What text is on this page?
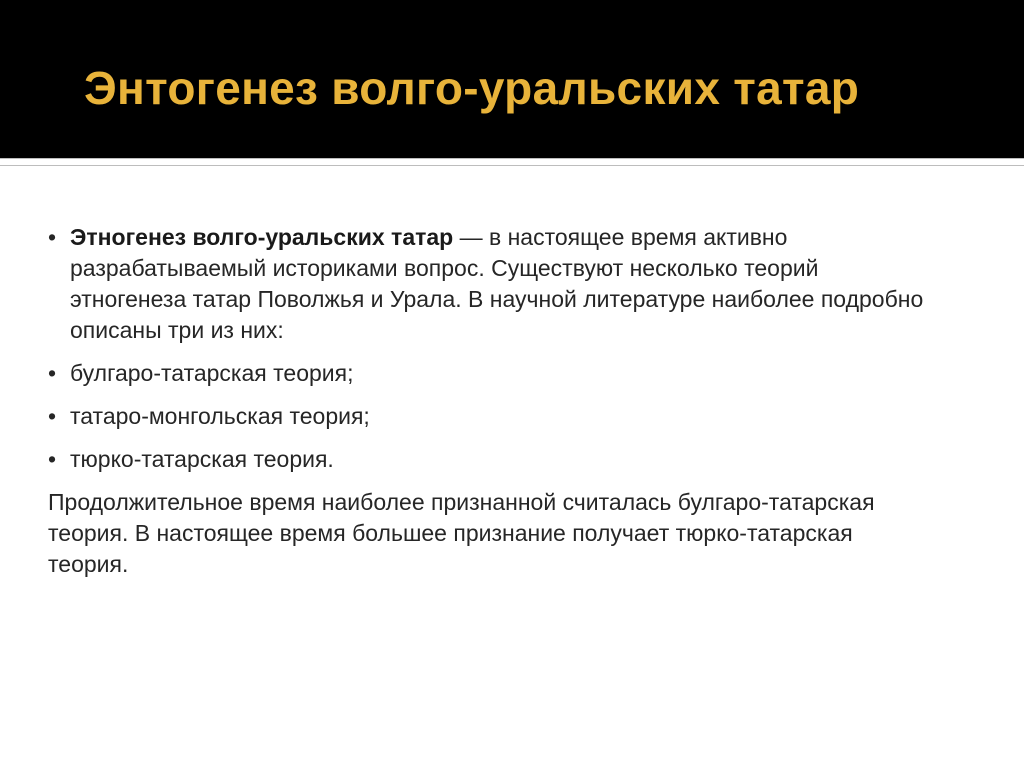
Энтогенез волго-уральских татар
• Этногенез волго-уральских татар — в настоящее время активно разрабатываемый историками вопрос. Существуют несколько теорий этногенеза татар Поволжья и Урала. В научной литературе наиболее подробно описаны три из них:
• булгаро-татарская теория;
• татаро-монгольская теория;
• тюрко-татарская теория.

Продолжительное время наиболее признанной считалась булгаро-татарская теория. В настоящее время большее признание получает тюрко-татарская теория.
